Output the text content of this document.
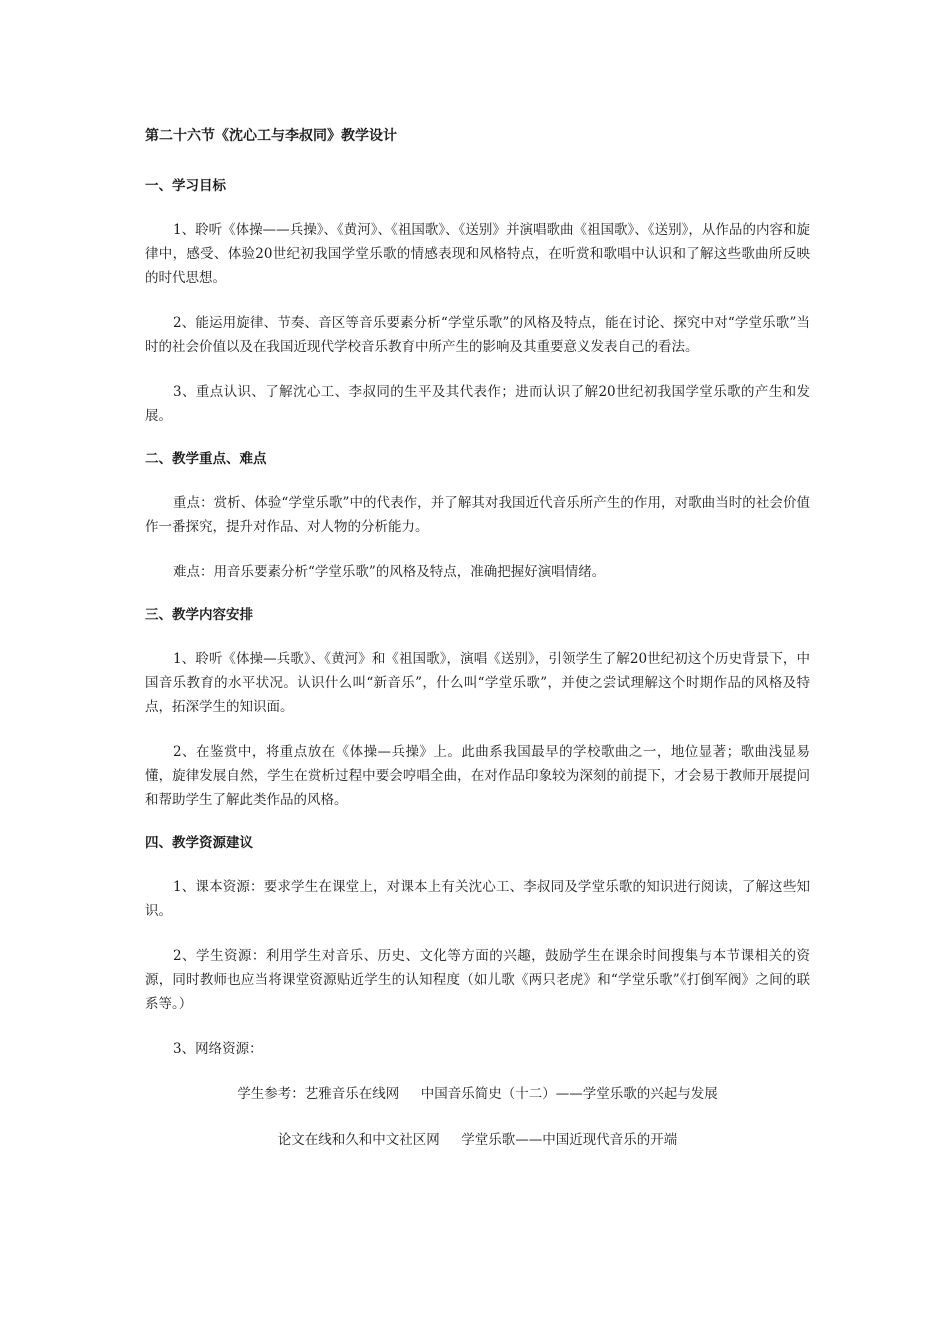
第二十六节《沈心工与李叔同》教学设计
一、学习目标

1、聆听《体操——兵操》、《黄河》、《祖国歌》、《送别》并演唱歌曲《祖国歌》、《送别》，从作品的内容和旋律中，感受、体验20世纪初我国学堂乐歌的情感表现和风格特点，在听赏和歌唱中认识和了解这些歌曲所反映的时代思想。

2、能运用旋律、节奏、音区等音乐要素分析“学堂乐歌”的风格及特点，能在讨论、探究中对“学堂乐歌”当时的社会价值以及在我国近现代学校音乐教育中所产生的影响及其重要意义发表自己的看法。

3、重点认识、了解沈心工、李叔同的生平及其代表作；进而认识了解20世纪初我国学堂乐歌的产生和发展。

二、教学重点、难点

重点：赏析、体验“学堂乐歌”中的代表作，并了解其对我国近代音乐所产生的作用，对歌曲当时的社会价值作一番探究，提升对作品、对人物的分析能力。

难点：用音乐要素分析“学堂乐歌”的风格及特点，准确把握好演唱情绪。

三、教学内容安排

1、聆听《体操—兵歌》、《黄河》和《祖国歌》，演唱《送别》，引领学生了解20世纪初这个历史背景下，中国音乐教育的水平状况。认识什么叫“新音乐”，什么叫“学堂乐歌”，并使之尝试理解这个时期作品的风格及特点，拓深学生的知识面。

2、在鉴赏中，将重点放在《体操—兵操》上。此曲系我国最早的学校歌曲之一，地位显著；歌曲浅显易懂，旋律发展自然，学生在赏析过程中要会哼唱全曲，在对作品印象较为深刻的前提下，才会易于教师开展提问和帮助学生了解此类作品的风格。

四、教学资源建议

1、课本资源：要求学生在课堂上，对课本上有关沈心工、李叔同及学堂乐歌的知识进行阅读，了解这些知识。

2、学生资源：利用学生对音乐、历史、文化等方面的兴趣，鼓励学生在课余时间搜集与本节课相关的资源，同时教师也应当将课堂资源贴近学生的认知程度（如儿歌《两只老虎》和“学堂乐歌”《打倒军阀》之间的联系等。）

3、网络资源：

学生参考：艺雅音乐在线网     中国音乐简史（十二）——学堂乐歌的兴起与发展
论文在线和久和中文社区网     学堂乐歌——中国近现代音乐的开端
